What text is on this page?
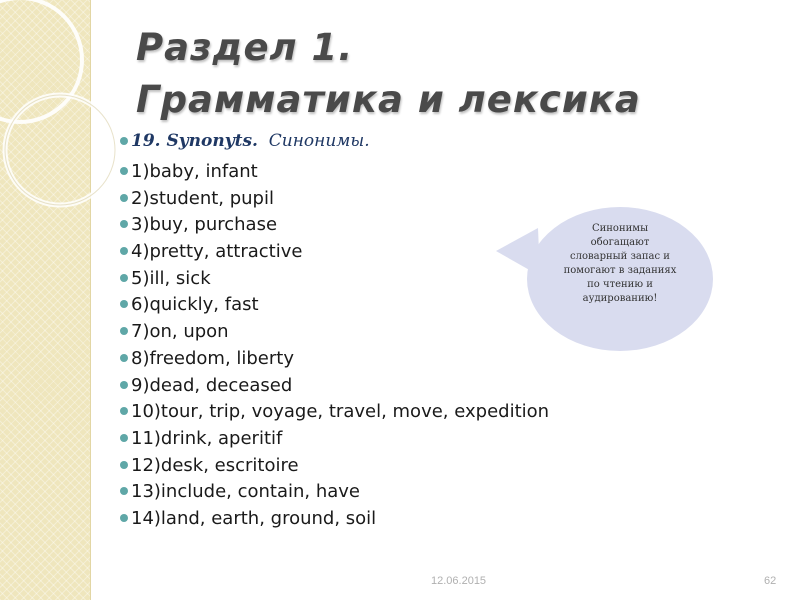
Раздел 1.
Грамматика и лексика
19. Synonyts. Синонимы.
1)baby, infant
2)student, pupil
3)buy, purchase
4)pretty, attractive
5)ill, sick
6)quickly, fast
7)on, upon
8)freedom, liberty
9)dead, deceased
10)tour, trip, voyage, travel, move, expedition
11)drink, aperitif
12)desk, escritoire
13)include, contain, have
14)land, earth, ground, soil
Синонимы
обогащают
словарный запас и
помогают в заданиях
по чтению и
аудированию!
12.06.2015	62
